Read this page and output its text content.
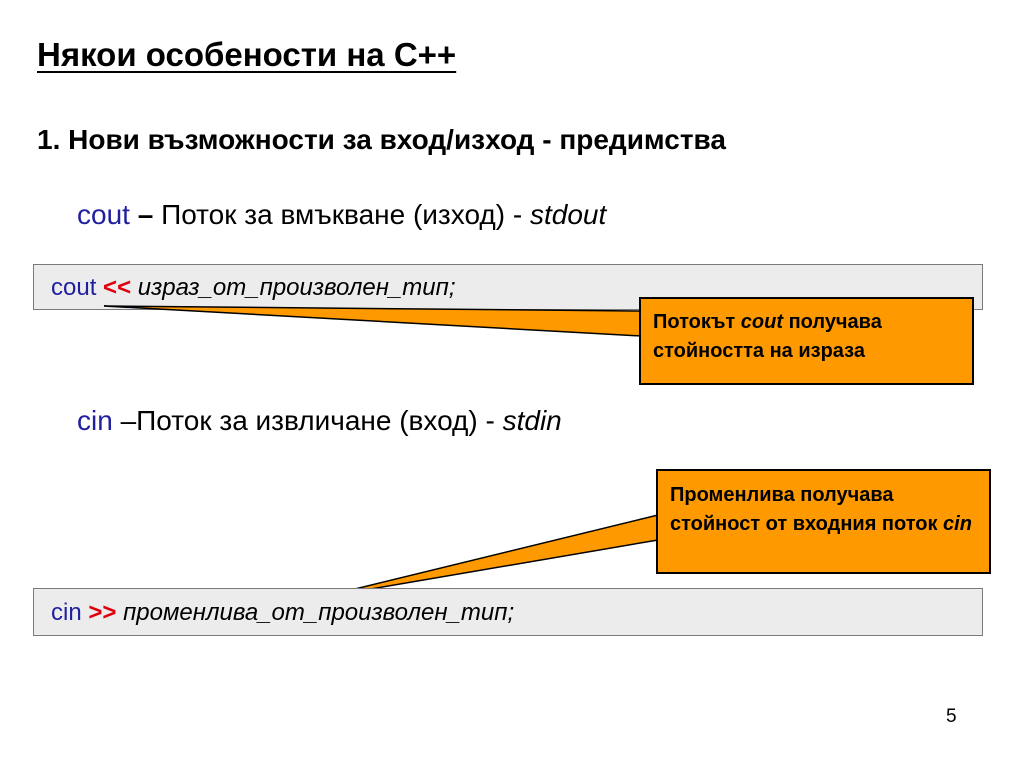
Някои особености на С++
1. Нови възможности за вход/изход - предимства
cout – Поток за вмъкване (изход) - stdout
cout << израз_от_произволен_тип;
Потокът cout получава стойността на израза
cin –Поток за извличане (вход) - stdin
Променлива получава стойност от входния поток cin
cin >> променлива_от_произволен_тип;
5
